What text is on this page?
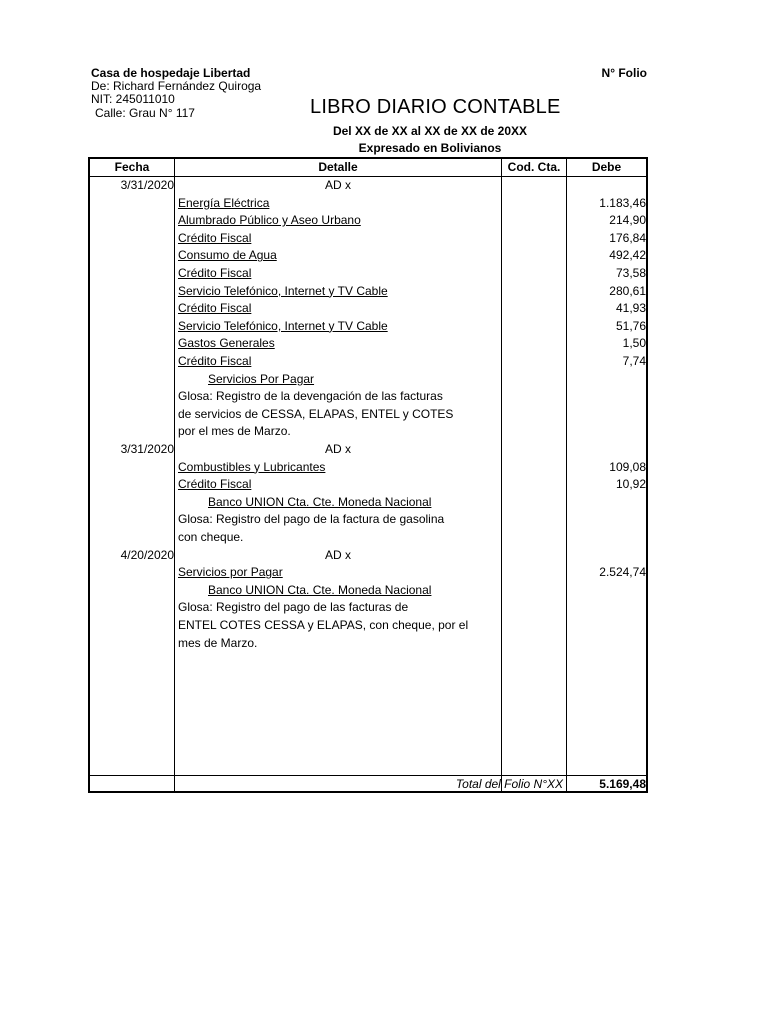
Casa de hospedaje Libertad
De: Richard Fernández Quiroga
NIT: 245011010
Calle: Grau N° 117
N° Folio
LIBRO DIARIO CONTABLE
Del XX de XX al XX de XX de 20XX
Expresado en Bolivianos
Fecha	Detalle	Cod. Cta.	Debe
3/31/2020	AD x
Energía Eléctrica	1.183,46
Alumbrado Público y Aseo Urbano	214,90
Crédito Fiscal	176,84
Consumo de Agua	492,42
Crédito Fiscal	73,58
Servicio Telefónico, Internet y TV Cable	280,61
Crédito Fiscal	41,93
Servicio Telefónico, Internet y TV Cable	51,76
Gastos Generales	1,50
Crédito Fiscal	7,74
Servicios Por Pagar
Glosa: Registro de la devengación de las facturas
de servicios de CESSA, ELAPAS, ENTEL y COTES
por el mes de Marzo.
3/31/2020	AD x
Combustibles y Lubricantes	109,08
Crédito Fiscal	10,92
Banco UNION Cta. Cte. Moneda Nacional
Glosa: Registro del pago de la factura de gasolina
con cheque.
4/20/2020	AD x
Servicios por Pagar	2.524,74
Banco UNION Cta. Cte. Moneda Nacional
Glosa: Registro del pago de las facturas de
ENTEL COTES CESSA y ELAPAS, con cheque, por el
mes de Marzo.
Total del Folio N°XX	5.169,48
